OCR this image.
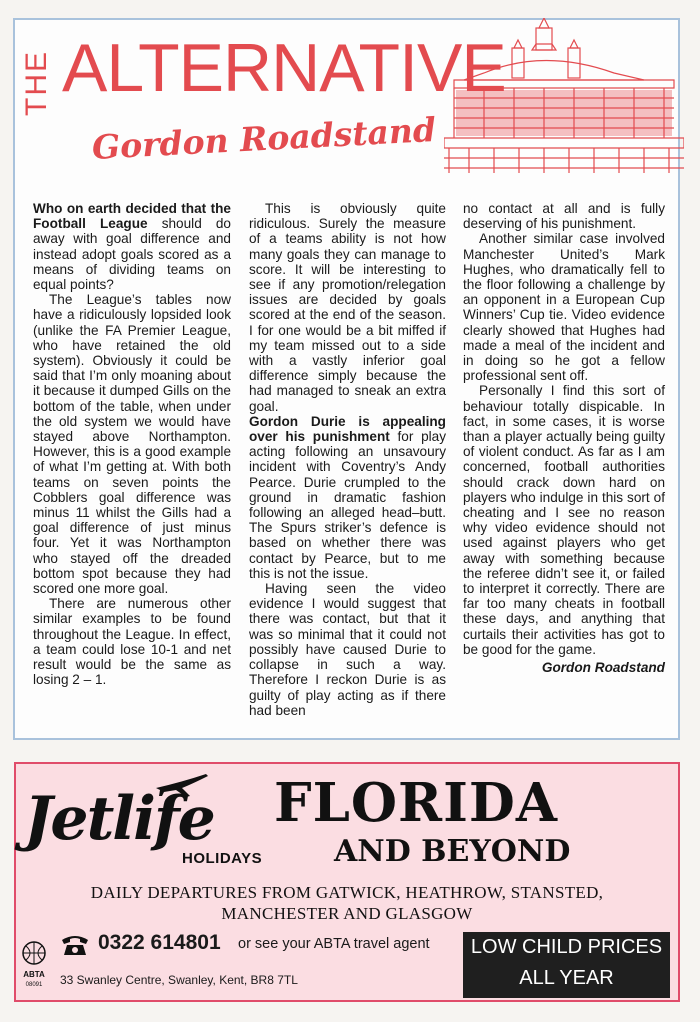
THE ALTERNATIVE
Gordon Roadstand

Who on earth decided that the Football League should do away with goal difference and instead adopt goals scored as a means of dividing teams on equal points?

The League’s tables now have a ridiculously lopsided look (unlike the FA Premier League, who have retained the old system). Obviously it could be said that I’m only moaning about it because it dumped Gills on the bottom of the table, when under the old system we would have stayed above Northampton. However, this is a good example of what I’m getting at. With both teams on seven points the Cobblers goal difference was minus 11 whilst the Gills had a goal difference of just minus four. Yet it was Northampton who stayed off the dreaded bottom spot because they had scored one more goal.

There are numerous other similar examples to be found throughout the League. In effect, a team could lose 10-1 and net result would be the same as losing 2 – 1.

This is obviously quite ridiculous. Surely the measure of a teams ability is not how many goals they can manage to score. It will be interesting to see if any promotion/relegation issues are decided by goals scored at the end of the season. I for one would be a bit miffed if my team missed out to a side with a vastly inferior goal difference simply because the had managed to sneak an extra goal.

Gordon Durie is appealing over his punishment for play acting following an unsavoury incident with Coventry’s Andy Pearce. Durie crumpled to the ground in dramatic fashion following an alleged head–butt. The Spurs striker’s defence is based on whether there was contact by Pearce, but to me this is not the issue.

Having seen the video evidence I would suggest that there was contact, but that it was so minimal that it could not possibly have caused Durie to collapse in such a way. Therefore I reckon Durie is as guilty of play acting as if there had been

no contact at all and is fully deserving of his punishment.

Another similar case involved Manchester United’s Mark Hughes, who dramatically fell to the floor following a challenge by an opponent in a European Cup Winners’ Cup tie. Video evidence clearly showed that Hughes had made a meal of the incident and in doing so he got a fellow professional sent off.

Personally I find this sort of behaviour totally dispicable. In fact, in some cases, it is worse than a player actually being guilty of violent conduct. As far as I am concerned, football authorities should crack down hard on players who indulge in this sort of cheating and I see no reason why video evidence should not used against players who get away with something because the referee didn’t see it, or failed to interpret it correctly. There are far too many cheats in football these days, and anything that curtails their activities has got to be good for the game.

Gordon Roadstand
Jetlife
HOLIDAYS
FLORIDA
AND BEYOND
DAILY DEPARTURES FROM GATWICK, HEATHROW, STANSTED,
MANCHESTER AND GLASGOW
ABTA
08091
0322 614801 or see your ABTA travel agent
33 Swanley Centre, Swanley, Kent, BR8 7TL
LOW CHILD PRICES
ALL YEAR
